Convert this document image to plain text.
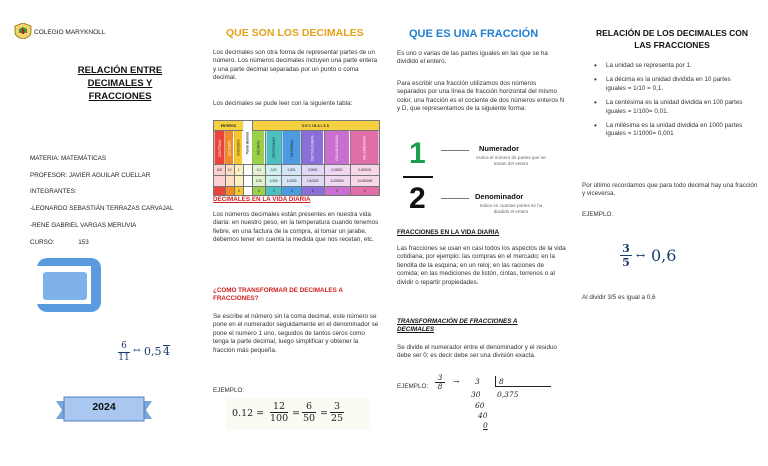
COLEGIO MARYKNOLL
RELACIÓN ENTRE
DECIMALES Y
FRACCIONES
MATERIA: MATEMÁTICAS
PROFESOR: JAVIER AGUILAR CUELLAR
INTEGRANTES:
-LEONARDO SEBASTIÁN TERRAZAS CARVAJAL
-RENE GABRIEL VARGAS MERUVIA
CURSO:	153
6
11
↔ 0,5 4
2024
QUE SON LOS DECIMALES
Los decimales son otra forma de representar partes de un número. Los números decimales incluyen una parte entera y una parte decimal separadas por un punto o coma decimal.
Los decimales se pude leer con la siguiente tabla:
ENTEROS			Punto decimal	DECIMALES					
CENTENAS	DECENAS	UNIDADES		DÉCIMAS	CENTÉSIMAS	MILÉSIMAS	DIEZ MILÉSIMAS	CIEN MILÉSIMAS	MILLONÉSIMAS
100	10	1	·	0,1	0,01	0,001	0,0001	0,00001	0,000001
				1/10	1/100	1/1000	1/10000	1/100000	1/1000000
		0		0	0	0	0	0	0
DECIMALES EN LA VIDA DIARIA
Los números decimales están presentes en nuestra vida diaria: en nuestro peso, en la temperatura cuando tenemos fiebre, en una factura de la compra, al tomar un jarabe, debemos tener en cuenta la medida que nos recetan, etc.
¿COMO TRANSFORMAR DE DECIMALES A FRACCIONES?
Se escribe el número sin la coma decimal, este número se pone en el numerador seguidamente en el denominador se pone el numero 1 uno, seguidos de tantos ceros como tenga la parte decimal, luego simplificar y obtener la fracción más pequeña.
EJEMPLO:
0.12 =
12
100 =
6
50 =
3
25
QUE ES UNA FRACCIÓN
Es uno o varias de las partes iguales en las que se ha dividido el entero.
Para escribir una fracción utilizamos dos números separados por una línea de fracción horizontal del mismo color, una fracción es el cociente de dos números enteros N y D, que representamos de la siguiente forma:
1
2
Numerador
Indica el número de partes que se toman del entero
Denominador
Indica en cuantas partes se ha dividido el entero
FRACCIONES EN LA VIDA DIARIA
Las fracciones se usan en casi todos los aspectos de la vida cotidiana, por ejemplo: las compras en el mercado; en la tiendita de la esquina; en un reloj; en las raciones de comida; en las mediciones de listón, cintas, terrenos o al dividir o repartir propiedades.
TRANSFORMACIÓN DE FRACCIONES A DECIMALES
Se divide el numerador entre el denominador y el residuo debe ser 0; es decir debe ser una división exacta.
EJEMPLO:
3
8
→ 3	8
30 0,375
60
40
0
RELACIÓN DE LOS DECIMALES CON
LAS FRACCIONES
• La unidad se representa por 1.
• La décima es la unidad dividida en 10 partes iguales = 1/10 = 0,1.
• La centésima es la unidad dividida en 100 partes iguales = 1/100= 0,01.
• La milésima es la unidad dividida en 1000 partes iguales = 1/1000= 0,001
Por último recordamos que para todo decimal hay una fracción y viceversa.
EJEMPLO:
3
5
↔ 0,6
Al dividir 3/5 es igual a 0,6
